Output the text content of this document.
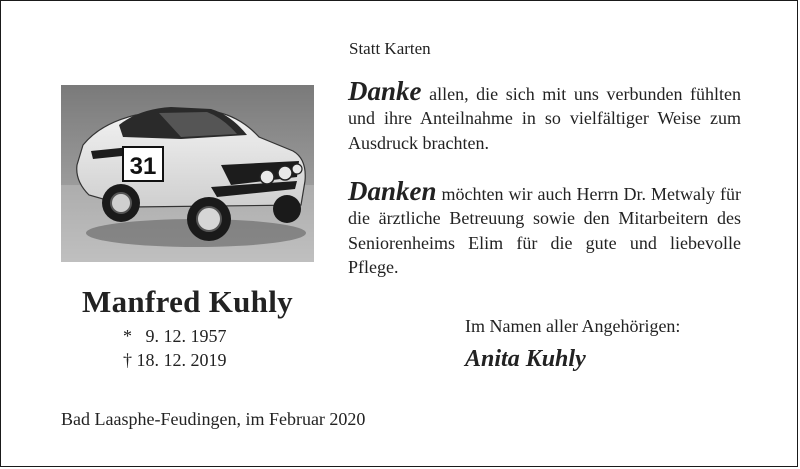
Statt Karten
31
Manfred Kuhly
* 9. 12. 1957
† 18. 12. 2019
Danke allen, die sich mit uns verbunden fühlten und ihre Anteilnahme in so vielfältiger Weise zum Ausdruck brachten.
Danken möchten wir auch Herrn Dr. Metwaly für die ärztliche Betreuung sowie den Mitarbeitern des Seniorenheims Elim für die gute und liebevolle Pflege.
Im Namen aller Angehörigen:
Anita Kuhly
Bad Laasphe-Feudingen, im Februar 2020
